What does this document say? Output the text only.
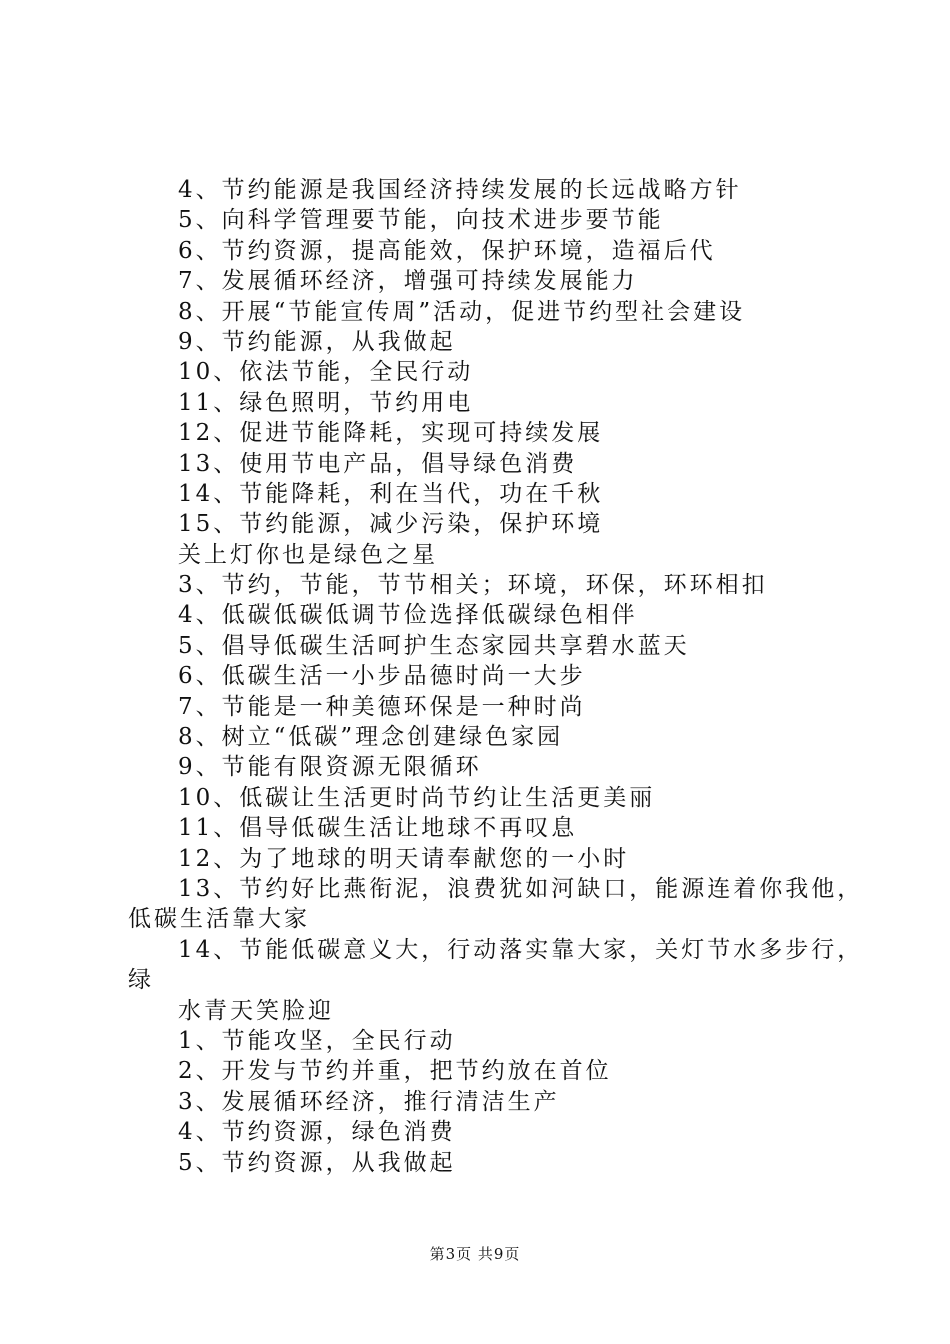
4、节约能源是我国经济持续发展的长远战略方针
5、向科学管理要节能，向技术进步要节能
6、节约资源，提高能效，保护环境，造福后代
7、发展循环经济，增强可持续发展能力
8、开展“节能宣传周”活动，促进节约型社会建设
9、节约能源，从我做起
10、依法节能，全民行动
11、绿色照明，节约用电
12、促进节能降耗，实现可持续发展
13、使用节电产品，倡导绿色消费
14、节能降耗，利在当代，功在千秋
15、节约能源，减少污染，保护环境
关上灯你也是绿色之星
3、节约，节能，节节相关；环境，环保，环环相扣
4、低碳低碳低调节俭选择低碳绿色相伴
5、倡导低碳生活呵护生态家园共享碧水蓝天
6、低碳生活一小步品德时尚一大步
7、节能是一种美德环保是一种时尚
8、树立“低碳”理念创建绿色家园
9、节能有限资源无限循环
10、低碳让生活更时尚节约让生活更美丽
11、倡导低碳生活让地球不再叹息
12、为了地球的明天请奉献您的一小时
13、节约好比燕衔泥，浪费犹如河缺口，能源连着你我他，
低碳生活靠大家
14、节能低碳意义大，行动落实靠大家，关灯节水多步行，
绿
水青天笑脸迎
1、节能攻坚，全民行动
2、开发与节约并重，把节约放在首位
3、发展循环经济，推行清洁生产
4、节约资源，绿色消费
5、节约资源，从我做起
第3页 共9页
